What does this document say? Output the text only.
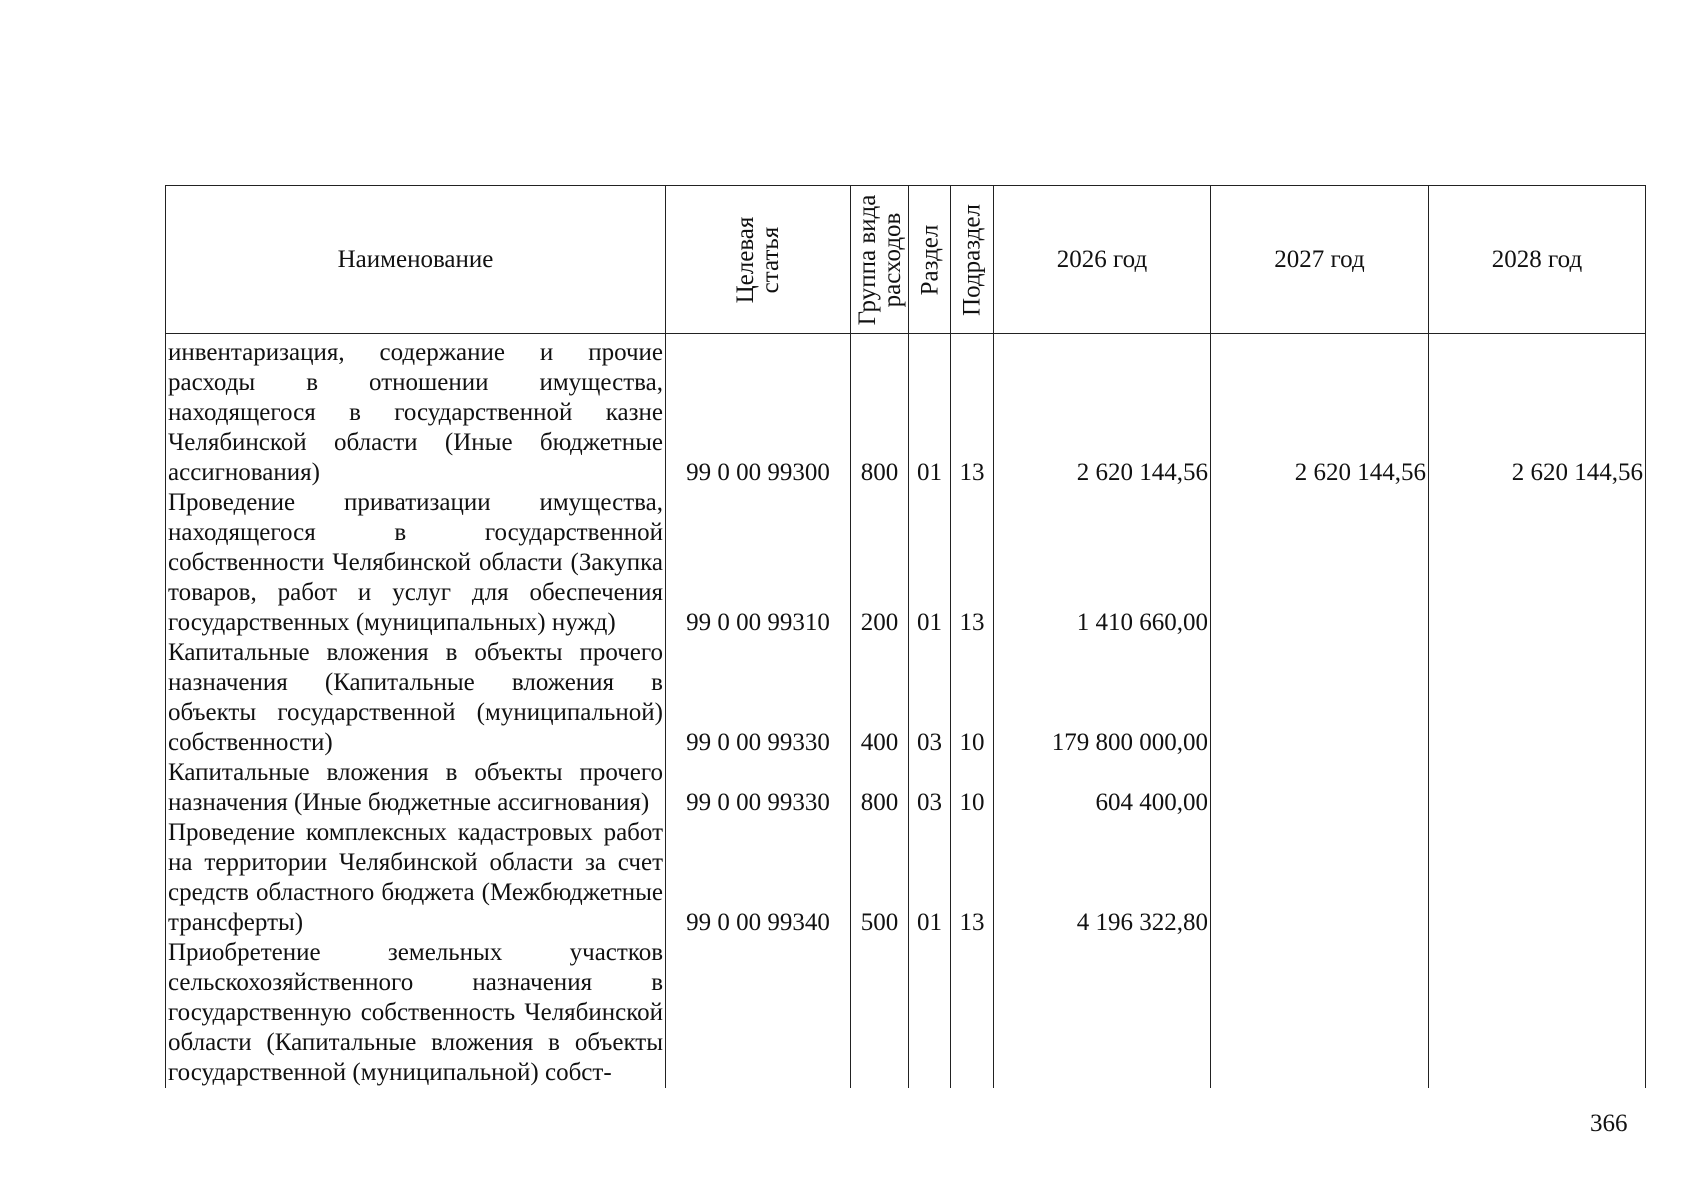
Наименование	Целевая статья	Группа вида расходов	Раздел	Подраздел	2026 год	2027 год	2028 год
инвентаризация, содержание и прочие расходы в отношении имущества, находящегося в государственной казне Челябинской области (Иные бюджетные ассигнования)	99 0 00 99300	800	01	13	2 620 144,56	2 620 144,56	2 620 144,56
Проведение приватизации имущества, находящегося в государственной собственности Челябинской области (Закупка товаров, работ и услуг для обеспечения государственных (муниципальных) нужд)	99 0 00 99310	200	01	13	1 410 660,00		
Капитальные вложения в объекты прочего назначения (Капитальные вложения в объекты государственной (муниципальной) собственности)	99 0 00 99330	400	03	10	179 800 000,00		
Капитальные вложения в объекты прочего назначения (Иные бюджетные ассигнования)	99 0 00 99330	800	03	10	604 400,00		
Проведение комплексных кадастровых работ на территории Челябинской области за счет средств областного бюджета (Межбюджетные трансферты)	99 0 00 99340	500	01	13	4 196 322,80		
Приобретение земельных участков сельскохозяйственного назначения в государственную собственность Челябинской области (Капитальные вложения в объекты государственной (муниципальной) собст-							
366
